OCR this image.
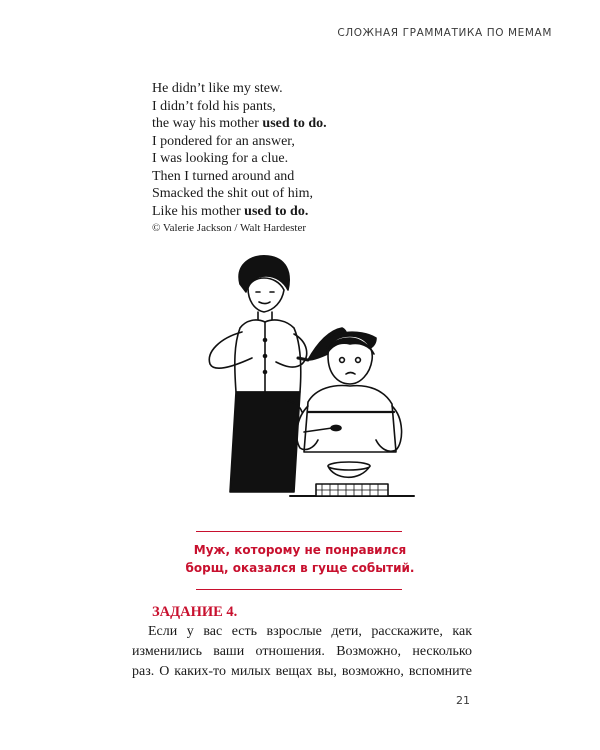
СЛОЖНАЯ ГРАММАТИКА ПО МЕМАМ

He didn’t like my stew.

I didn’t fold his pants,

the way his mother used to do.

I pondered for an answer,

I was looking for a clue.

Then I turned around and

Smacked the shit out of him,

Like his mother used to do.

© Valerie Jackson / Walt Hardester
Муж, которому не понравился
борщ, оказался в гуще событий.
ЗАДАНИЕ 4.

Если у вас есть взрослые дети, расскажите, как
изменились ваши отношения. Возможно, несколько
раз. О каких-то милых вещах вы, возможно, вспомните

21
